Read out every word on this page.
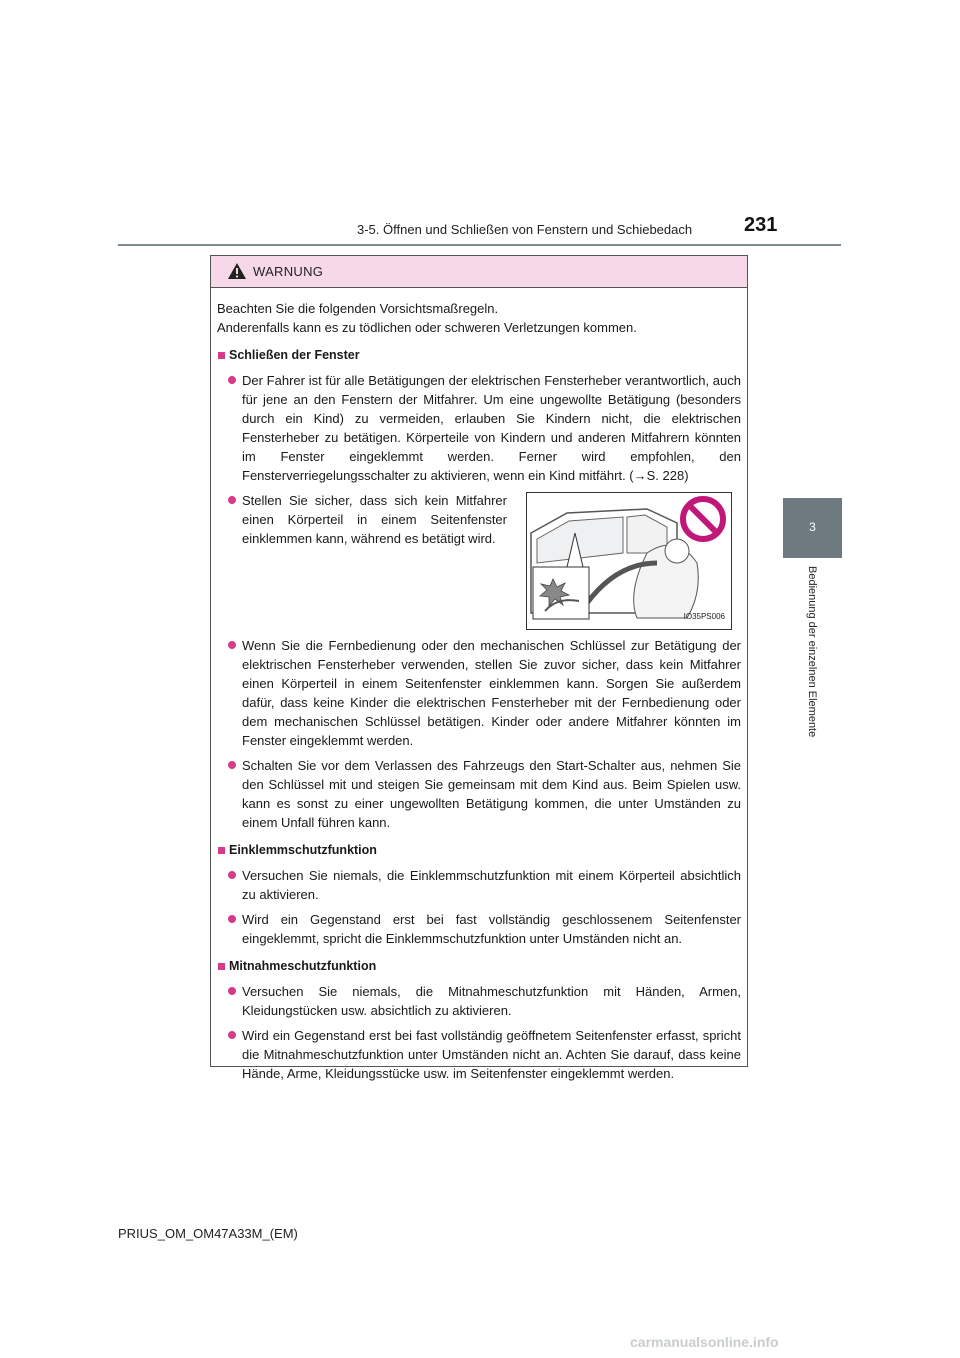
3-5. Öffnen und Schließen von Fenstern und Schiebedach	231
3
Bedienung der einzelnen Elemente
WARNUNG

Beachten Sie die folgenden Vorsichtsmaßregeln.

Anderenfalls kann es zu tödlichen oder schweren Verletzungen kommen.

Schließen der Fenster
Der Fahrer ist für alle Betätigungen der elektrischen Fensterheber verantwortlich, auch für jene an den Fenstern der Mitfahrer. Um eine ungewollte Betätigung (besonders durch ein Kind) zu vermeiden, erlauben Sie Kindern nicht, die elektrischen Fensterheber zu betätigen. Körperteile von Kindern und anderen Mitfahrern könnten im Fenster eingeklemmt werden. Ferner wird empfohlen, den Fensterverriegelungsschalter zu aktivieren, wenn ein Kind mitfährt. (→S. 228)
Stellen Sie sicher, dass sich kein Mitfahrer einen Körperteil in einem Seitenfenster einklemmen kann, während es betätigt wird.
IO35PS006
Wenn Sie die Fernbedienung oder den mechanischen Schlüssel zur Betätigung der elektrischen Fensterheber verwenden, stellen Sie zuvor sicher, dass kein Mitfahrer einen Körperteil in einem Seitenfenster einklemmen kann. Sorgen Sie außerdem dafür, dass keine Kinder die elektrischen Fensterheber mit der Fernbedienung oder dem mechanischen Schlüssel betätigen. Kinder oder andere Mitfahrer könnten im Fenster eingeklemmt werden.
Schalten Sie vor dem Verlassen des Fahrzeugs den Start-Schalter aus, nehmen Sie den Schlüssel mit und steigen Sie gemeinsam mit dem Kind aus. Beim Spielen usw. kann es sonst zu einer ungewollten Betätigung kommen, die unter Umständen zu einem Unfall führen kann.
Einklemmschutzfunktion
Versuchen Sie niemals, die Einklemmschutzfunktion mit einem Körperteil absichtlich zu aktivieren.
Wird ein Gegenstand erst bei fast vollständig geschlossenem Seitenfenster eingeklemmt, spricht die Einklemmschutzfunktion unter Umständen nicht an.
Mitnahmeschutzfunktion
Versuchen Sie niemals, die Mitnahmeschutzfunktion mit Händen, Armen, Kleidungstücken usw. absichtlich zu aktivieren.
Wird ein Gegenstand erst bei fast vollständig geöffnetem Seitenfenster erfasst, spricht die Mitnahmeschutzfunktion unter Umständen nicht an. Achten Sie darauf, dass keine Hände, Arme, Kleidungsstücke usw. im Seitenfenster eingeklemmt werden.
PRIUS_OM_OM47A33M_(EM)
carmanualsonline.info
